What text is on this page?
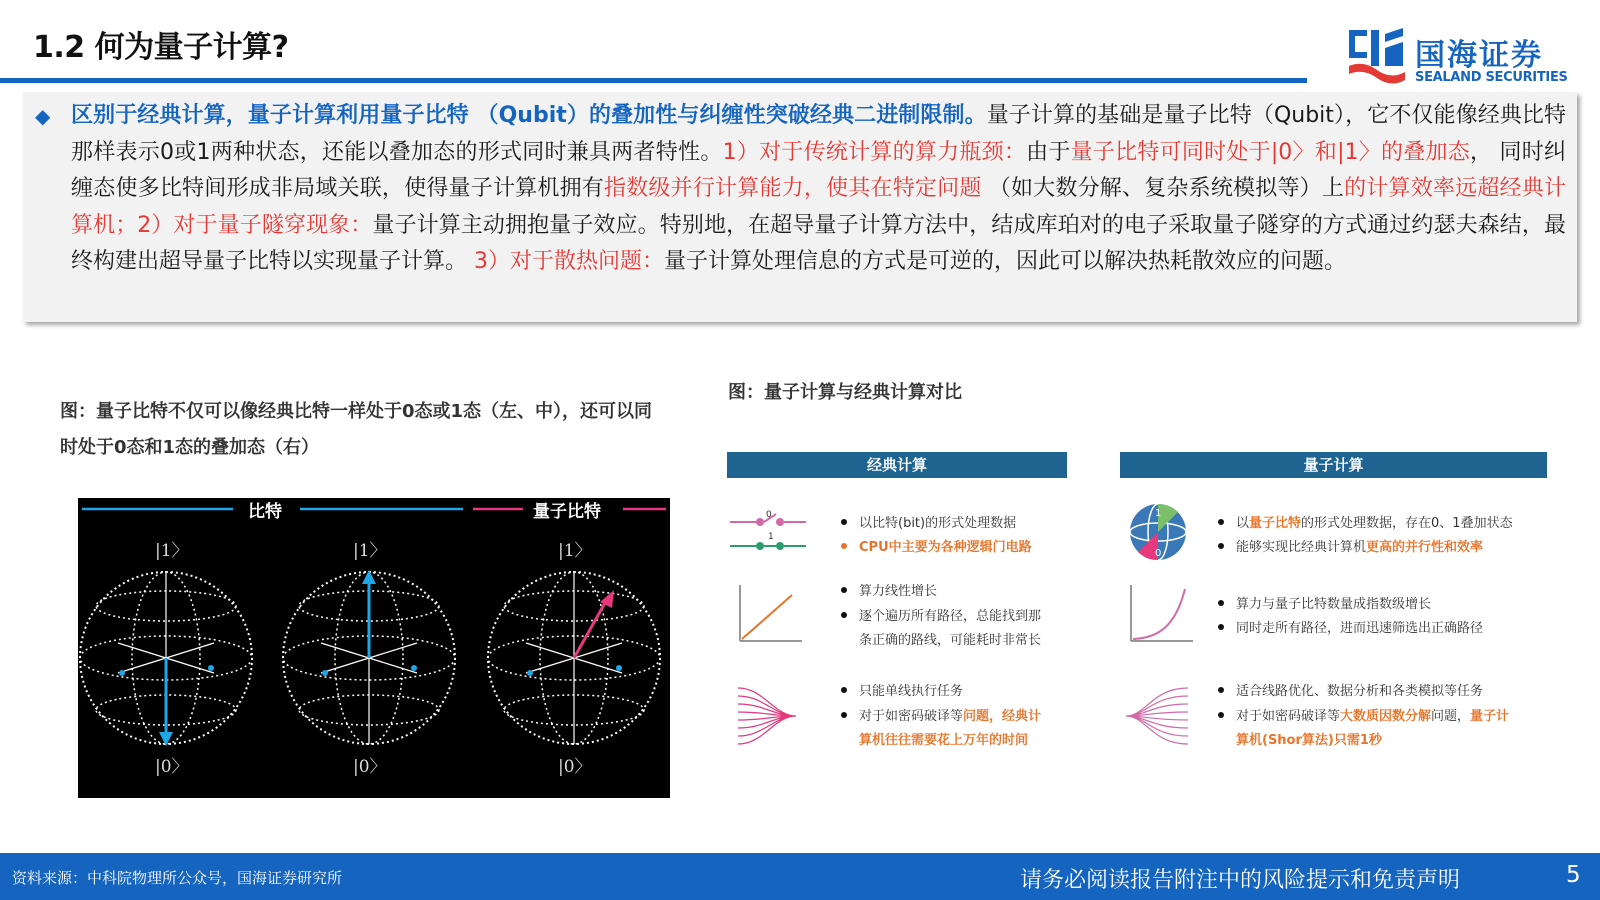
1.2 何为量子计算?	国海证券
SEALAND SECURITIES
◆ 区别于经典计算，量子计算利用量子比特 （Qubit）的叠加性与纠缠性突破经典二进制限制。量子计算的基础是量子比特（Qubit），它不仅能像经典比特那样表示0或1两种状态，还能以叠加态的形式同时兼具两者特性。1）对于传统计算的算力瓶颈：由于量子比特可同时处于|0〉和|1〉的叠加态， 同时纠缠态使多比特间形成非局域关联，使得量子计算机拥有指数级并行计算能力，使其在特定问题 （如大数分解、复杂系统模拟等）上的计算效率远超经典计算机；2）对于量子隧穿现象：量子计算主动拥抱量子效应。特别地，在超导量子计算方法中，结成库珀对的电子采取量子隧穿的方式通过约瑟夫森结，最终构建出超导量子比特以实现量子计算。 3）对于散热问题：量子计算处理信息的方式是可逆的，因此可以解决热耗散效应的问题。
图：量子比特不仅可以像经典比特一样处于0态或1态（左、中），还可以同时处于0态和1态的叠加态（右）
比特	量子比特
|1〉
|0〉
|1〉
|0〉
|1〉
|0〉
图：量子计算与经典计算对比
经典计算	量子计算
0
1
以比特(bit)的形式处理数据
CPU中主要为各种逻辑门电路
算力线性增长
逐个遍历所有路径，总能找到那
条正确的路线，可能耗时非常长
只能单线执行任务
对于如密码破译等问题，经典计
算机往往需要花上万年的时间
1
0
以量子比特的形式处理数据，存在0、1叠加状态
能够实现比经典计算机更高的并行性和效率
算力与量子比特数量成指数级增长
同时走所有路径，进而迅速筛选出正确路径
适合线路优化、数据分析和各类模拟等任务
对于如密码破译等大数质因数分解问题，量子计
算机(Shor算法)只需1秒
资料来源：中科院物理所公众号，国海证券研究所	请务必阅读报告附注中的风险提示和免责声明	5
